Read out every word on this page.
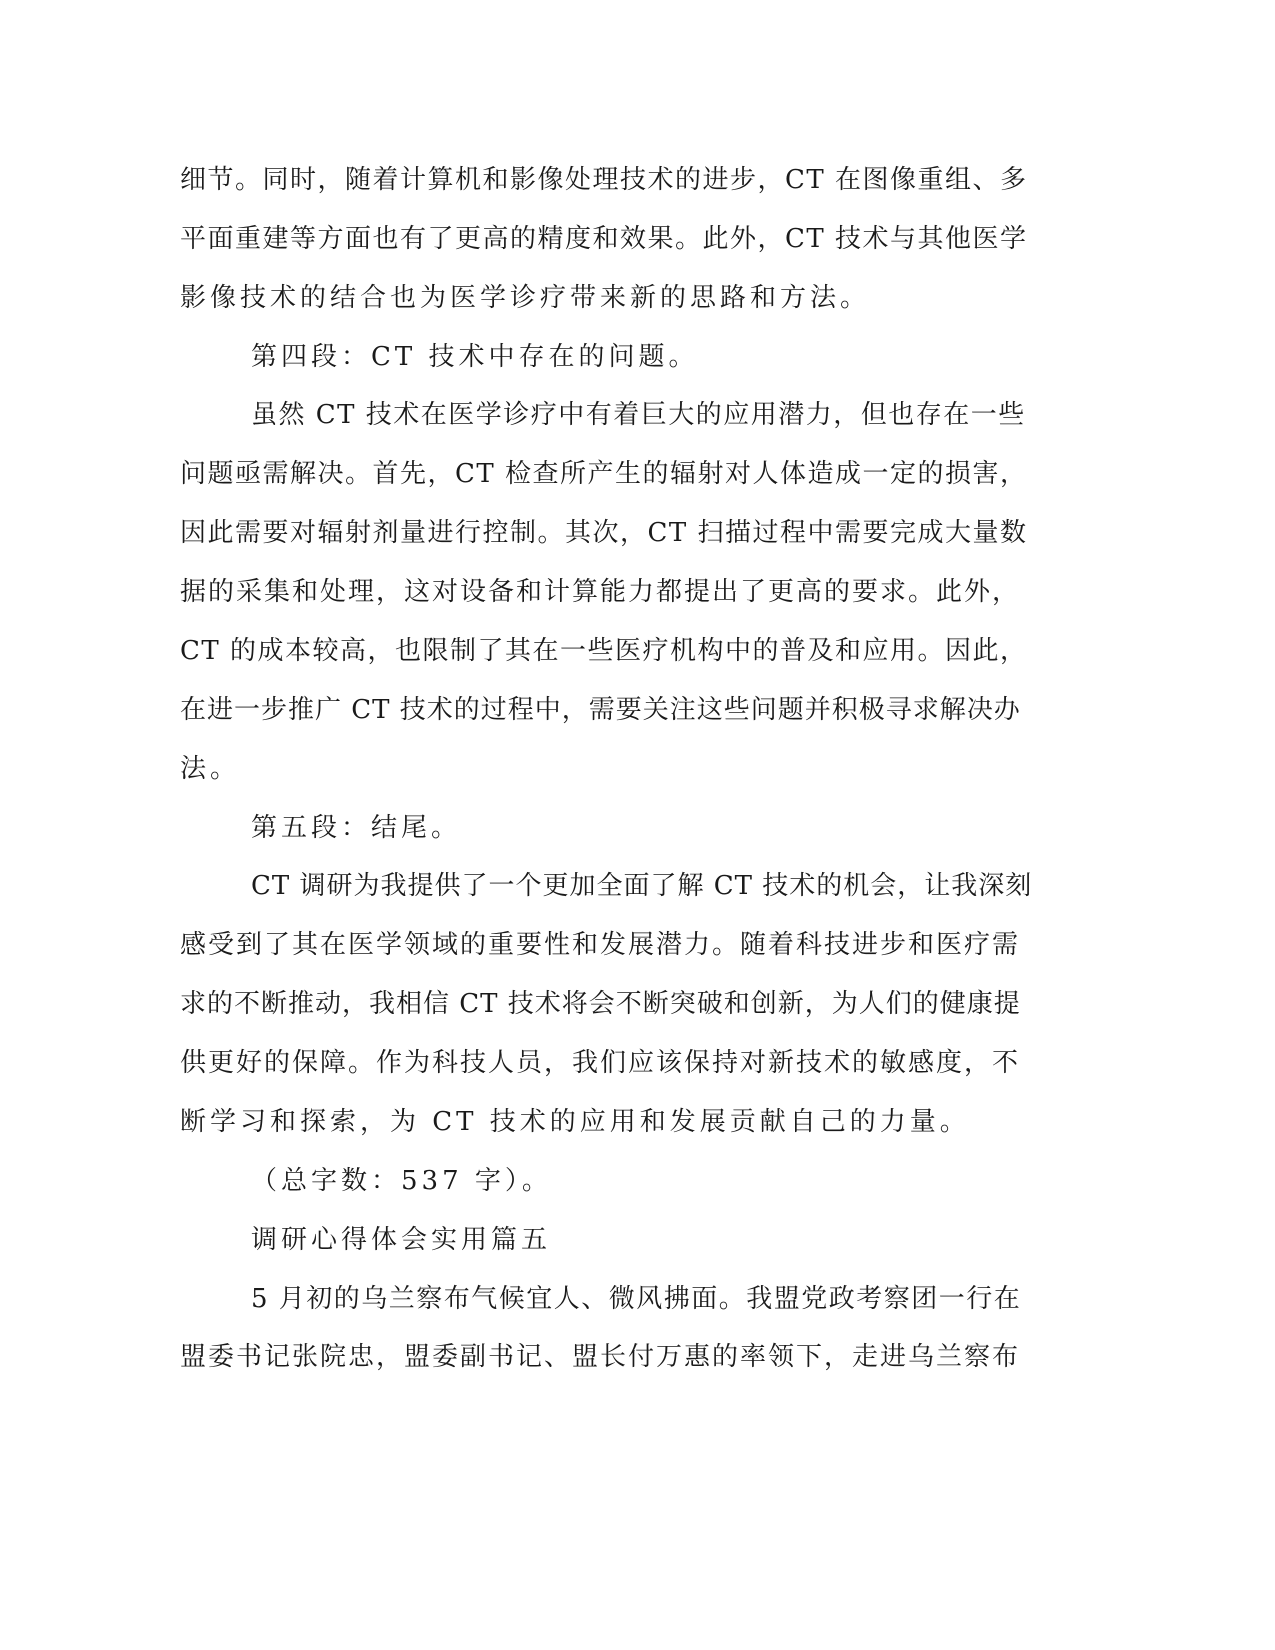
细节。同时，随着计算机和影像处理技术的进步，CT 在图像重组、多

平面重建等方面也有了更高的精度和效果。此外，CT 技术与其他医学

影像技术的结合也为医学诊疗带来新的思路和方法。

第四段：CT 技术中存在的问题。

虽然 CT 技术在医学诊疗中有着巨大的应用潜力，但也存在一些

问题亟需解决。首先，CT 检查所产生的辐射对人体造成一定的损害，

因此需要对辐射剂量进行控制。其次，CT 扫描过程中需要完成大量数

据的采集和处理，这对设备和计算能力都提出了更高的要求。此外，

CT 的成本较高，也限制了其在一些医疗机构中的普及和应用。因此，

在进一步推广 CT 技术的过程中，需要关注这些问题并积极寻求解决办

法。

第五段：结尾。

CT 调研为我提供了一个更加全面了解 CT 技术的机会，让我深刻

感受到了其在医学领域的重要性和发展潜力。随着科技进步和医疗需

求的不断推动，我相信 CT 技术将会不断突破和创新，为人们的健康提

供更好的保障。作为科技人员，我们应该保持对新技术的敏感度，不

断学习和探索，为 CT 技术的应用和发展贡献自己的力量。

（总字数：537 字）。

调研心得体会实用篇五

5 月初的乌兰察布气候宜人、微风拂面。我盟党政考察团一行在

盟委书记张院忠，盟委副书记、盟长付万惠的率领下，走进乌兰察布
